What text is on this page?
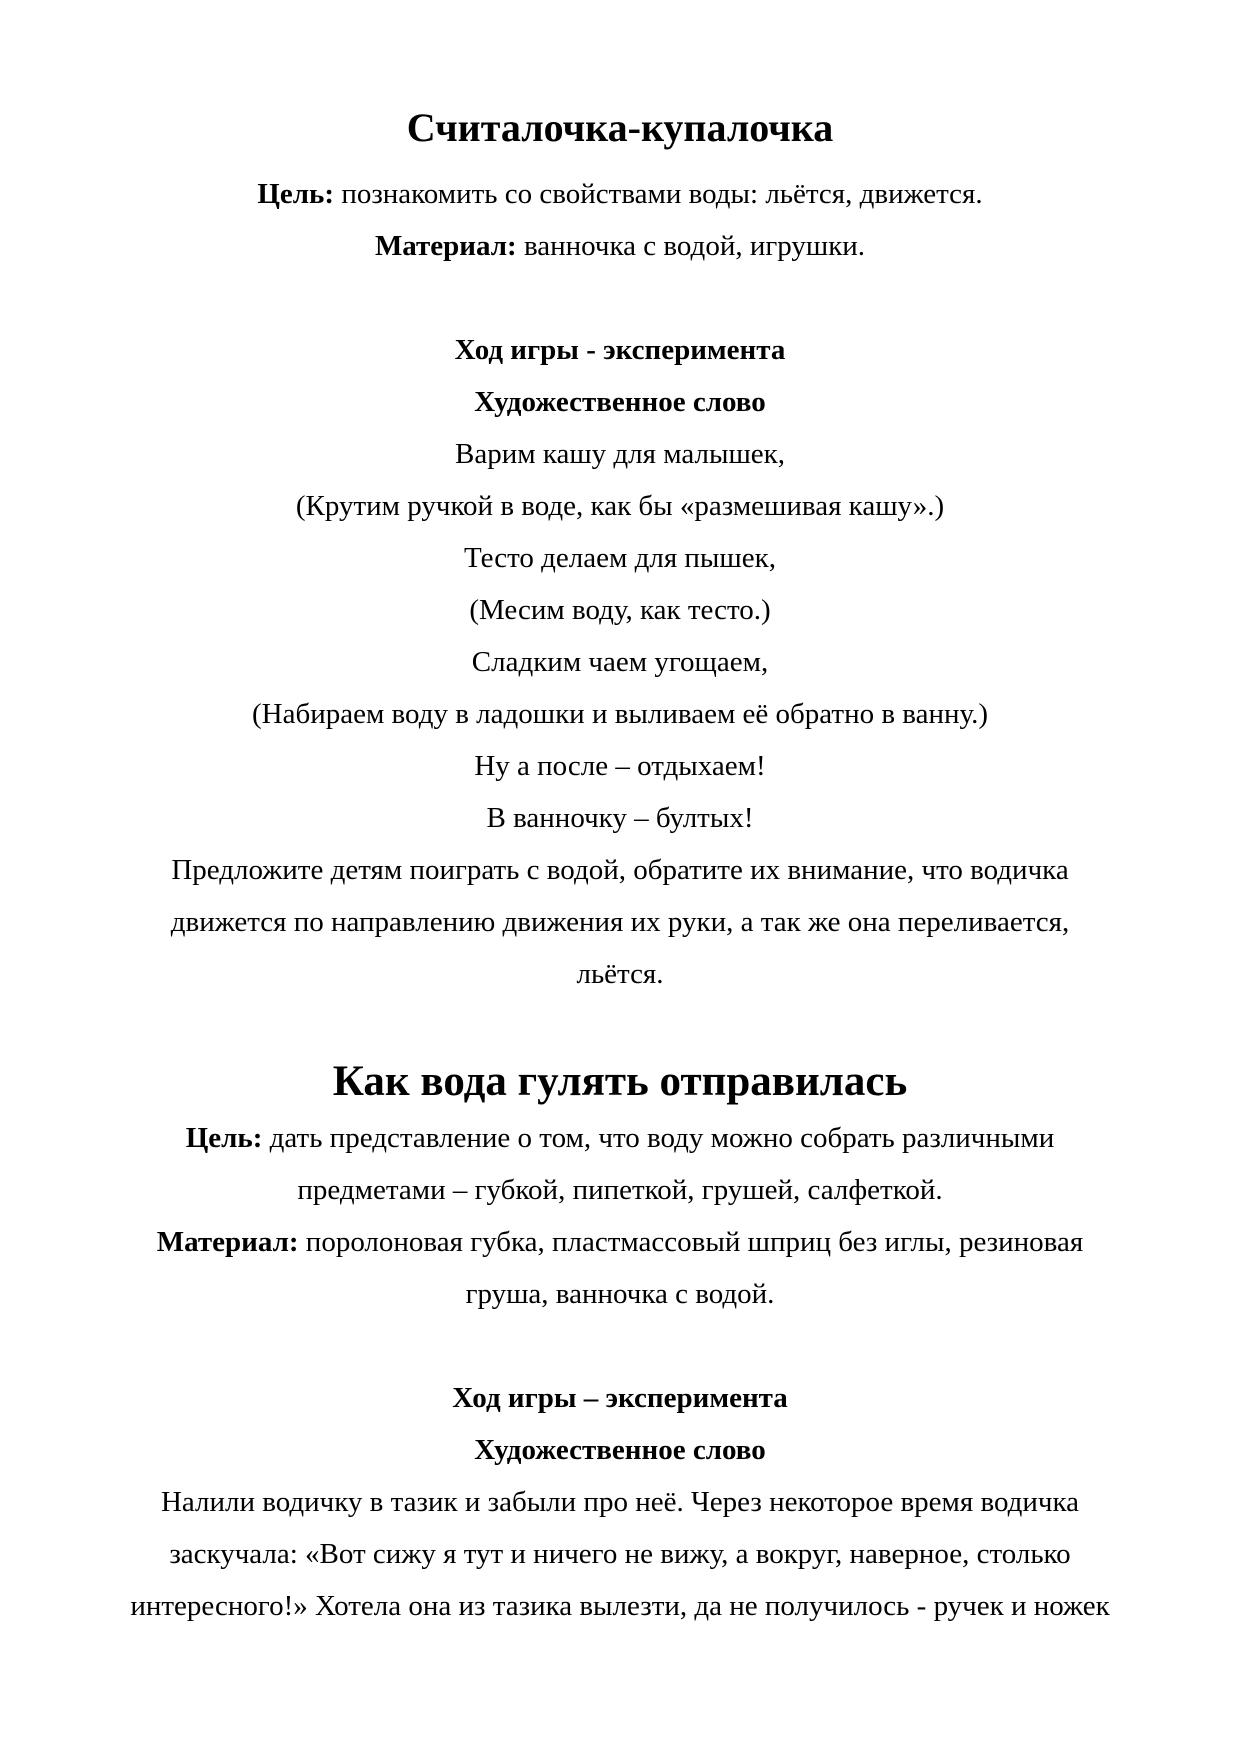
Считалочка-купалочка

Цель: познакомить со свойствами воды: льётся, движется.

Материал: ванночка с водой, игрушки.

Ход игры - эксперимента

Художественное слово

Варим кашу для малышек,

(Крутим ручкой в воде, как бы «размешивая кашу».)

Тесто делаем для пышек,

(Месим воду, как тесто.)

Сладким чаем угощаем,

(Набираем воду в ладошки и выливаем её обратно в ванну.)

Ну а после – отдыхаем!

В ванночку – бултых!

Предложите детям поиграть с водой, обратите их внимание, что водичка

движется по направлению движения их руки, а так же она переливается,

льётся.

Как вода гулять отправилась

Цель: дать представление о том, что воду можно собрать различными

предметами – губкой, пипеткой, грушей, салфеткой.

Материал: поролоновая губка, пластмассовый шприц без иглы, резиновая

груша, ванночка с водой.

Ход игры – эксперимента

Художественное слово

Налили водичку в тазик и забыли про неё. Через некоторое время водичка

заскучала: «Вот сижу я тут и ничего не вижу, а вокруг, наверное, столько

интересного!» Хотела она из тазика вылезти, да не получилось - ручек и ножек
